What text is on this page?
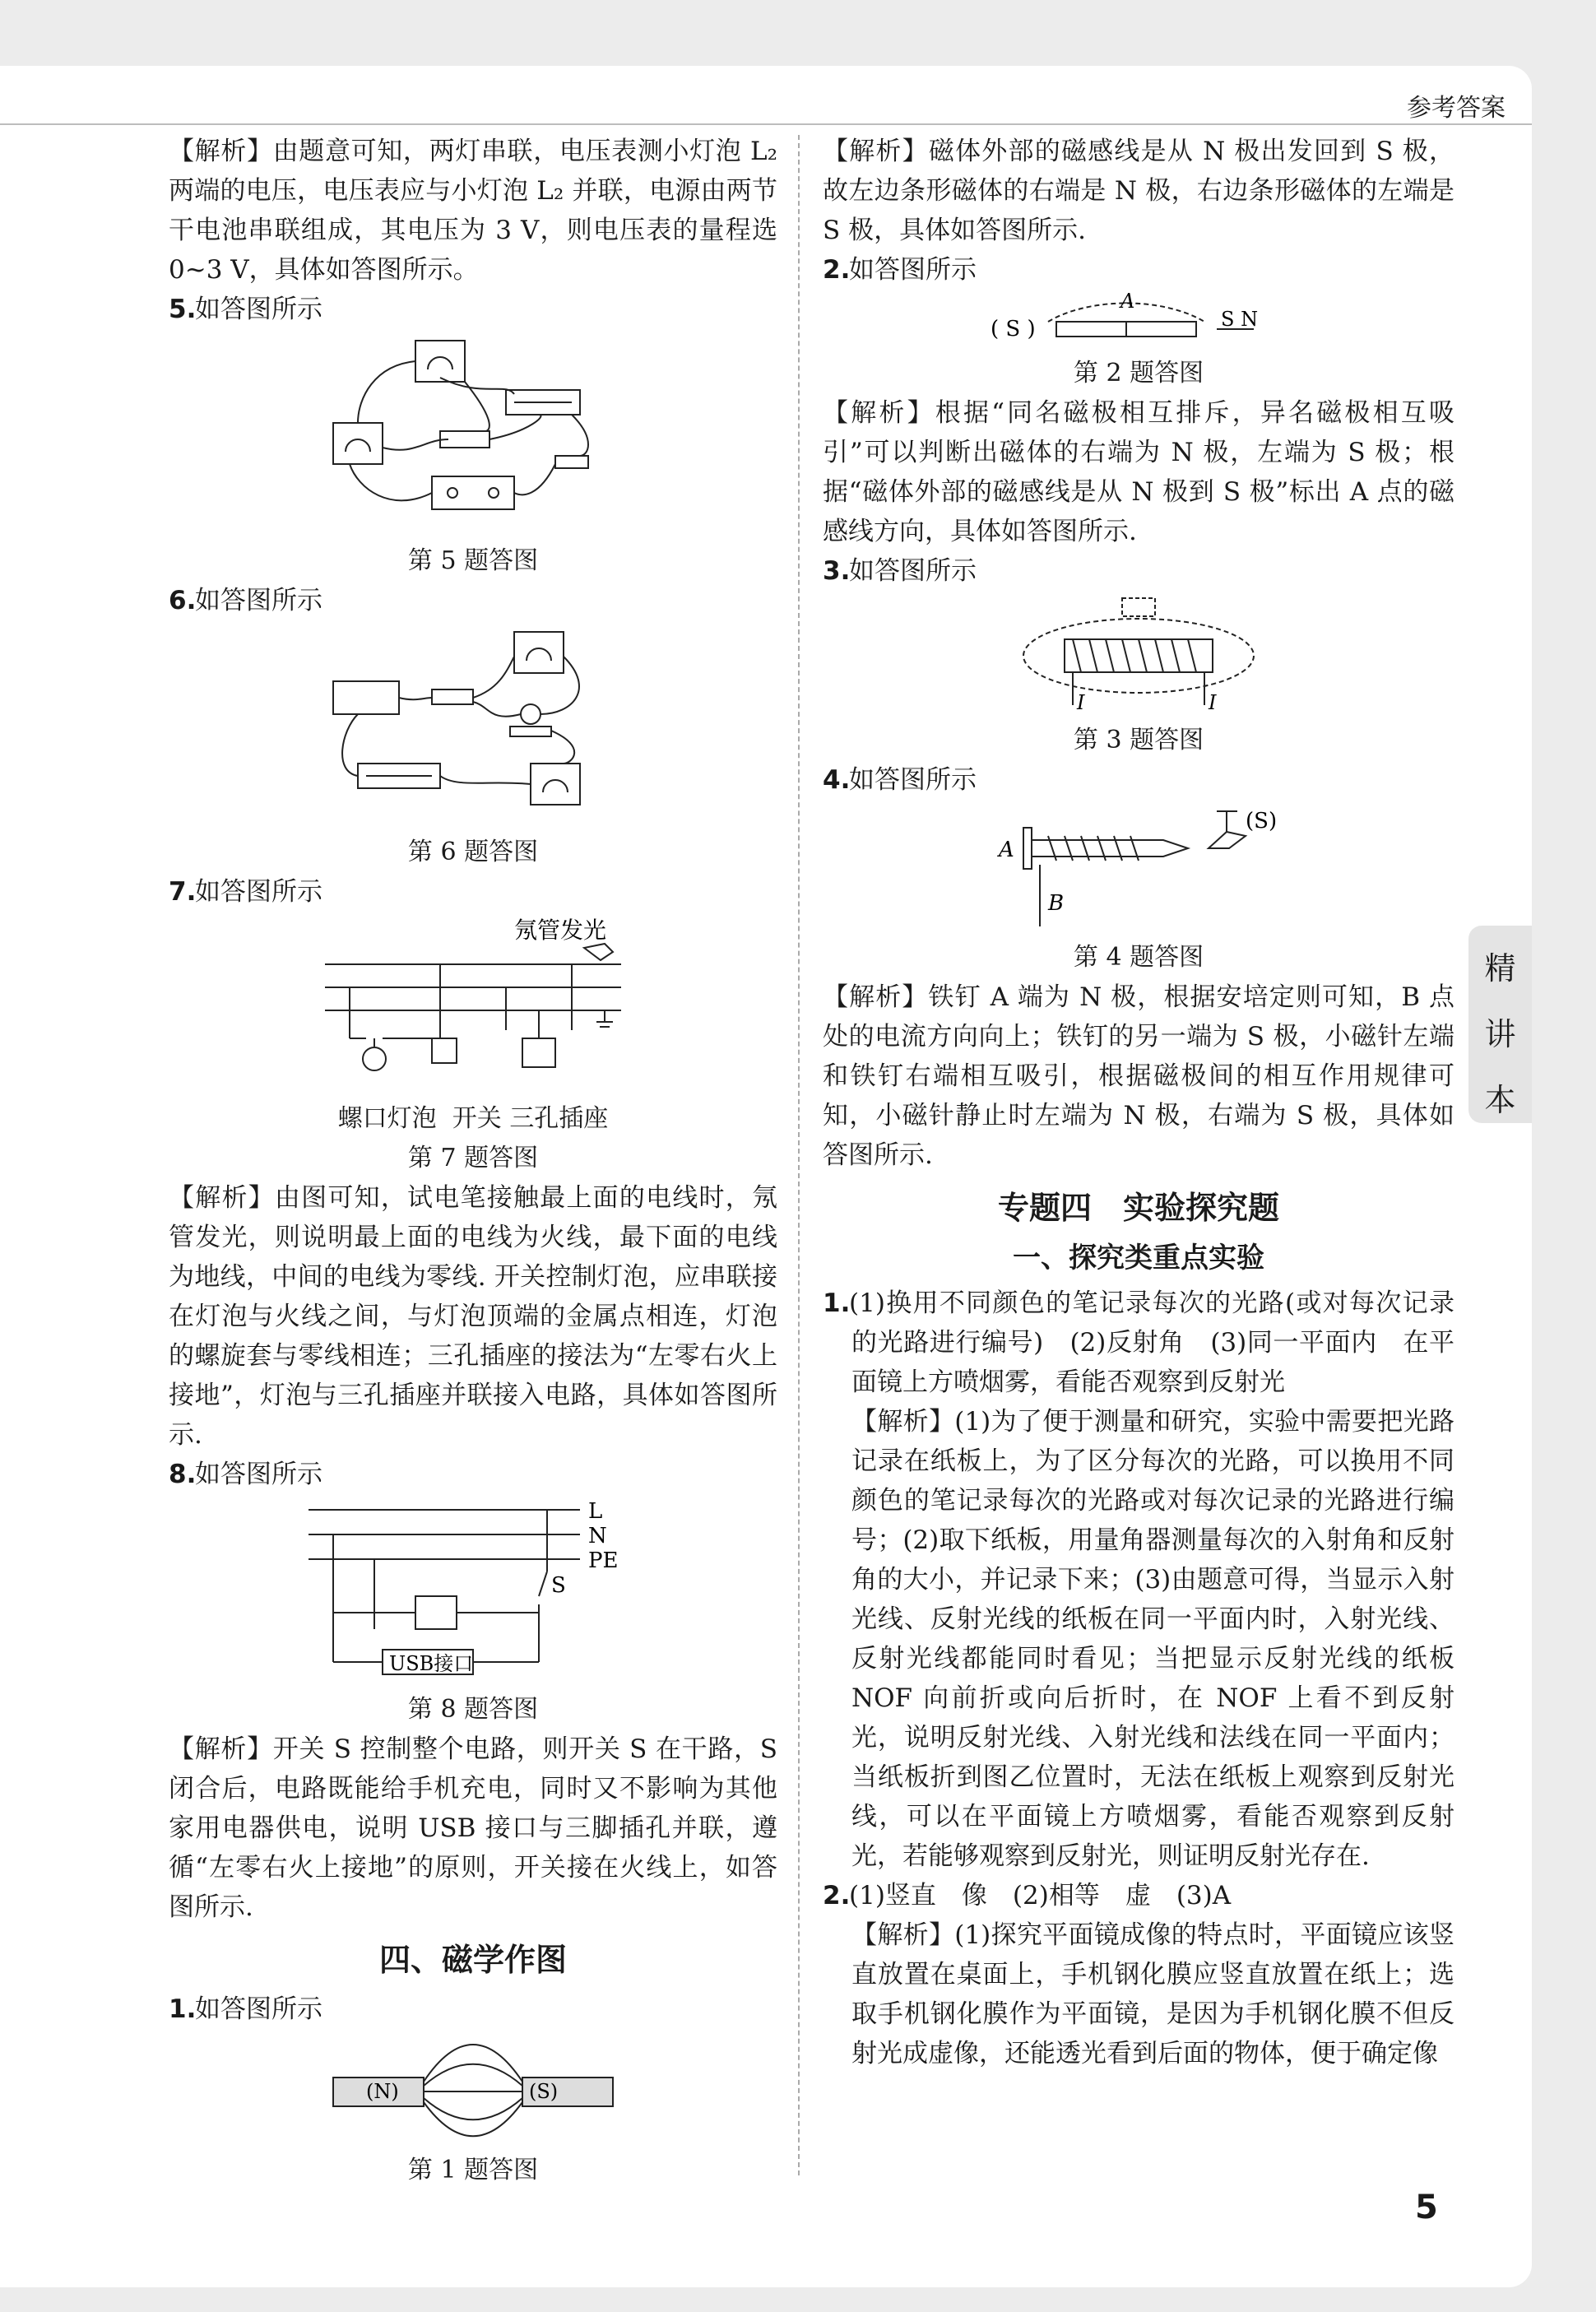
参考答案

【解析】由题意可知，两灯串联，电压表测小灯泡 L₂ 两端的电压，电压表应与小灯泡 L₂ 并联，电源由两节干电池串联组成，其电压为 3 V，则电压表的量程选 0~3 V，具体如答图所示。

5.如答图所示

第 5 题答图

6.如答图所示

第 6 题答图

7.如答图所示

氖管发光
螺口灯泡 开关 三孔插座
第 7 题答图

【解析】由图可知，试电笔接触最上面的电线时，氖管发光，则说明最上面的电线为火线，最下面的电线为地线，中间的电线为零线. 开关控制灯泡，应串联接在灯泡与火线之间，与灯泡顶端的金属点相连，灯泡的螺旋套与零线相连；三孔插座的接法为“左零右火上接地”，灯泡与三孔插座并联接入电路，具体如答图所示.

8.如答图所示

L
N
PE
S
USB接口
第 8 题答图

【解析】开关 S 控制整个电路，则开关 S 在干路，S 闭合后，电路既能给手机充电，同时又不影响为其他家用电器供电，说明 USB 接口与三脚插孔并联，遵循“左零右火上接地”的原则，开关接在火线上，如答图所示.

四、磁学作图

1.如答图所示

(N)	(S)
第 1 题答图

【解析】磁体外部的磁感线是从 N 极出发回到 S 极，故左边条形磁体的右端是 N 极，右边条形磁体的左端是 S 极，具体如答图所示.

2.如答图所示

( S )
A
S N
第 2 题答图

【解析】根据“同名磁极相互排斥，异名磁极相互吸引”可以判断出磁体的右端为 N 极，左端为 S 极；根据“磁体外部的磁感线是从 N 极到 S 极”标出 A 点的磁感线方向，具体如答图所示.

3.如答图所示

I	I
第 3 题答图

4.如答图所示

A
B
(S)
第 4 题答图

【解析】铁钉 A 端为 N 极，根据安培定则可知，B 点处的电流方向向上；铁钉的另一端为 S 极，小磁针左端和铁钉右端相互吸引，根据磁极间的相互作用规律可知，小磁针静止时左端为 N 极，右端为 S 极，具体如答图所示.

专题四　实验探究题
一、探究类重点实验

1.(1)换用不同颜色的笔记录每次的光路(或对每次记录的光路进行编号)　(2)反射角　(3)同一平面内　在平面镜上方喷烟雾，看能否观察到反射光

【解析】(1)为了便于测量和研究，实验中需要把光路记录在纸板上，为了区分每次的光路，可以换用不同颜色的笔记录每次的光路或对每次记录的光路进行编号；(2)取下纸板，用量角器测量每次的入射角和反射角的大小，并记录下来；(3)由题意可得，当显示入射光线、反射光线的纸板在同一平面内时，入射光线、反射光线都能同时看见；当把显示反射光线的纸板 NOF 向前折或向后折时，在 NOF 上看不到反射光，说明反射光线、入射光线和法线在同一平面内；当纸板折到图乙位置时，无法在纸板上观察到反射光线，可以在平面镜上方喷烟雾，看能否观察到反射光，若能够观察到反射光，则证明反射光存在.

2.(1)竖直　像　(2)相等　虚　(3)A

【解析】(1)探究平面镜成像的特点时，平面镜应该竖直放置在桌面上，手机钢化膜应竖直放置在纸上；选取手机钢化膜作为平面镜，是因为手机钢化膜不但反射光成虚像，还能透光看到后面的物体，便于确定像

精
讲
本
5
